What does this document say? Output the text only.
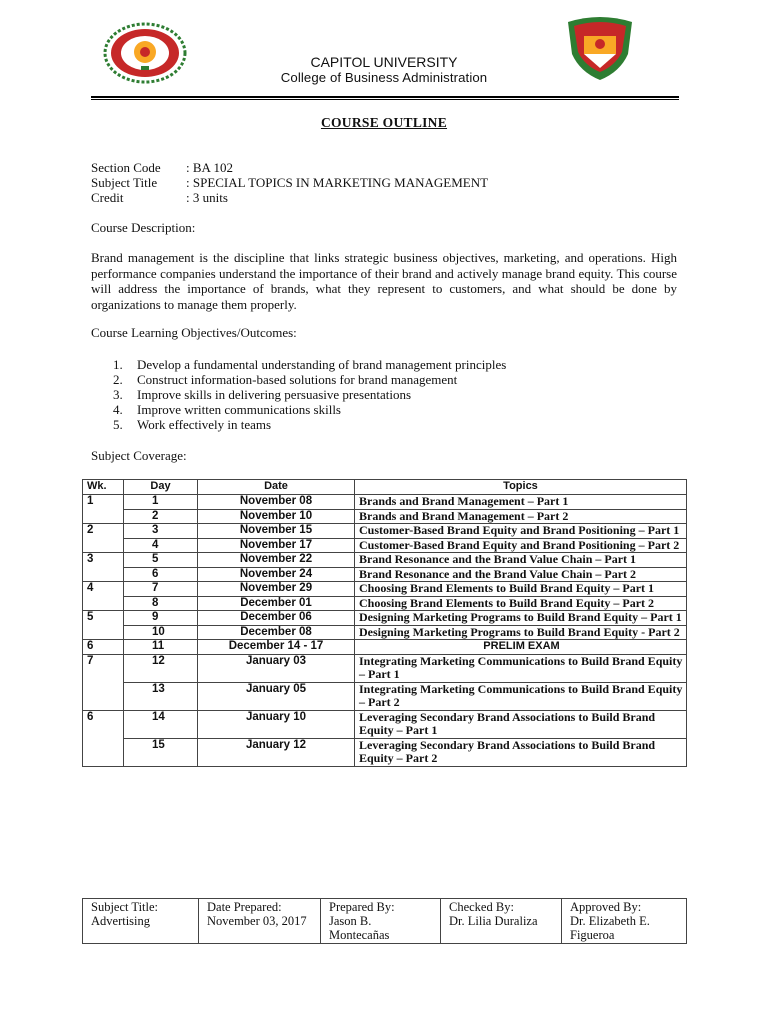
CAPITOL UNIVERSITY
College of Business Administration
COURSE OUTLINE
Section Code : BA 102
Subject Title : SPECIAL TOPICS IN MARKETING MANAGEMENT
Credit	: 3 units
Course Description:
Brand management is the discipline that links strategic business objectives, marketing, and operations. High performance companies understand the importance of their brand and actively manage brand equity. This course will address the importance of brands, what they represent to customers, and what should be done by organizations to manage them properly.
Course Learning Objectives/Outcomes:
1.	Develop a fundamental understanding of brand management principles
2.	Construct information-based solutions for brand management
3.	Improve skills in delivering persuasive presentations
4.	Improve written communications skills
5.	Work effectively in teams
Subject Coverage:
Wk.	Day	Date	Topics
1	1	November 08	Brands and Brand Management – Part 1
	2	November 10	Brands and Brand Management – Part 2
2	3	November 15	Customer-Based Brand Equity and Brand Positioning – Part 1
	4	November 17	Customer-Based Brand Equity and Brand Positioning – Part 2
3	5	November 22	Brand Resonance and the Brand Value Chain – Part 1
	6	November 24	Brand Resonance and the Brand Value Chain – Part 2
4	7	November 29	Choosing Brand Elements to Build Brand Equity – Part 1
	8	December 01	Choosing Brand Elements to Build Brand Equity – Part 2
5	9	December 06	Designing Marketing Programs to Build Brand Equity – Part 1
	10	December 08	Designing Marketing Programs to Build Brand Equity - Part 2
6	11	December 14 - 17	PRELIM EXAM
7	12	January 03	Integrating Marketing Communications to Build Brand Equity – Part 1
	13	January 05	Integrating Marketing Communications to Build Brand Equity – Part 2
6	14	January 10	Leveraging Secondary Brand Associations to Build Brand Equity – Part 1
	15	January 12	Leveraging Secondary Brand Associations to Build Brand Equity – Part 2
Subject Title:
Advertising	Date Prepared:
November 03, 2017	Prepared By:
Jason B. Montecañas	Checked By:
Dr. Lilia Duraliza	Approved By:
Dr. Elizabeth E. Figueroa
